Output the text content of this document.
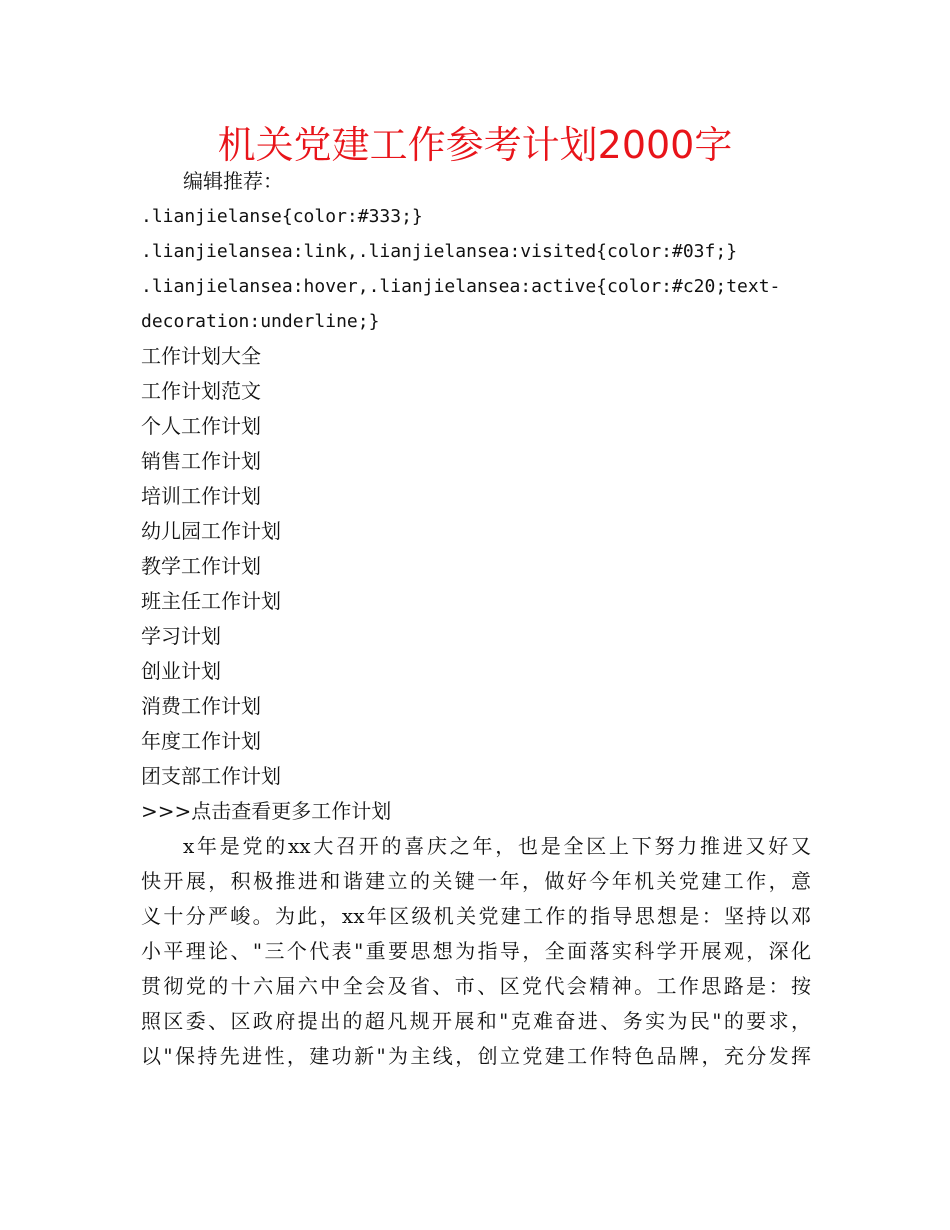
机关党建工作参考计划2000字
编辑推荐：
.lianjielanse{color:#333;}
.lianjielansea:link,.lianjielansea:visited{color:#03f;}
.lianjielansea:hover,.lianjielansea:active{color:#c20;text-
decoration:underline;}
工作计划大全
工作计划范文
个人工作计划
销售工作计划
培训工作计划
幼儿园工作计划
教学工作计划
班主任工作计划
学习计划
创业计划
消费工作计划
年度工作计划
团支部工作计划
>>>点击查看更多工作计划
x年是党的xx大召开的喜庆之年，也是全区上下努力推进又好又
快开展，积极推进和谐建立的关键一年，做好今年机关党建工作，意
义十分严峻。为此，xx年区级机关党建工作的指导思想是：坚持以邓
小平理论、"三个代表"重要思想为指导，全面落实科学开展观，深化
贯彻党的十六届六中全会及省、市、区党代会精神。工作思路是：按
照区委、区政府提出的超凡规开展和"克难奋进、务实为民"的要求，
以"保持先进性，建功新"为主线，创立党建工作特色品牌，充分发挥
